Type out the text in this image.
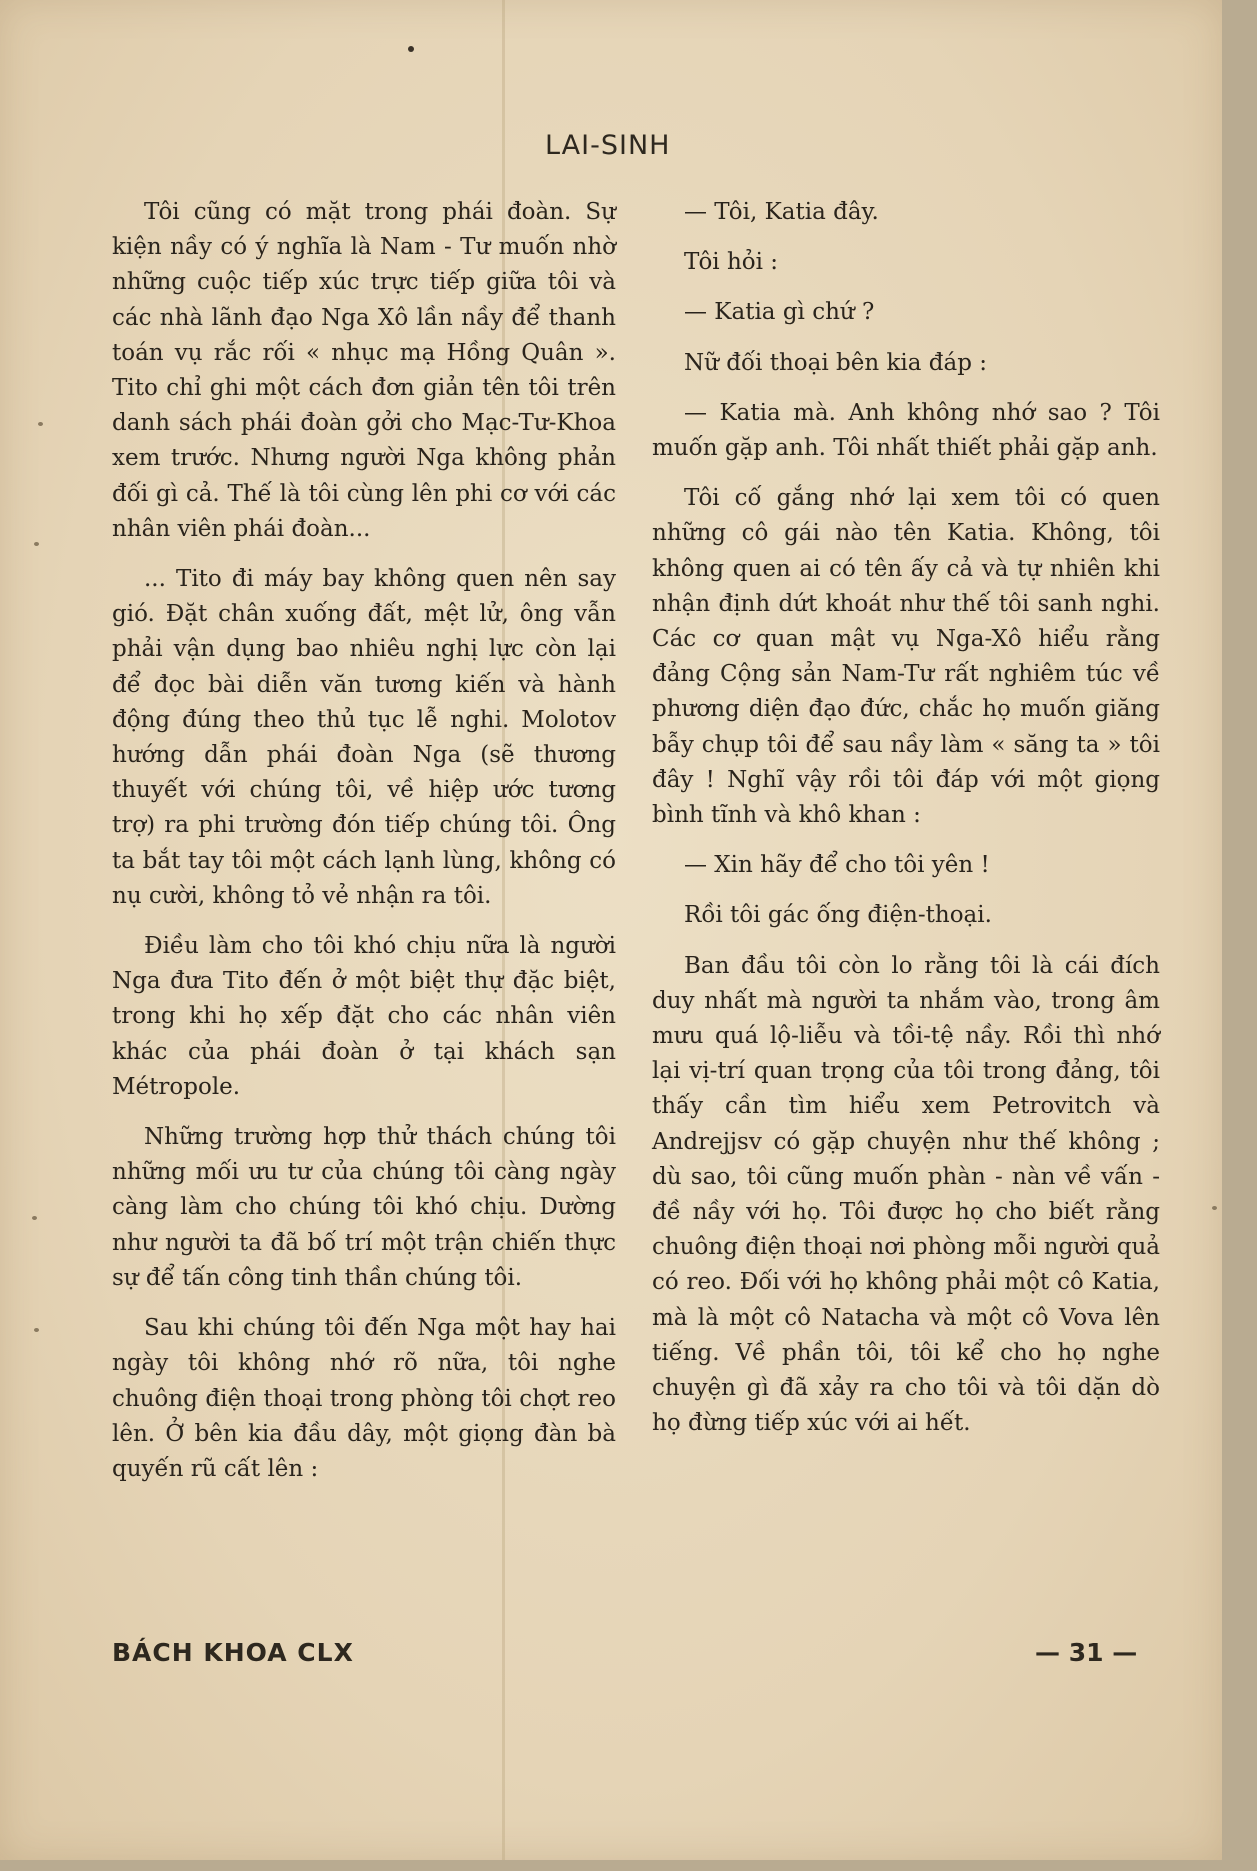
LAI-SINH

Tôi cũng có mặt trong phái đoàn. Sự kiện nầy có ý nghĩa là Nam - Tư muốn nhờ những cuộc tiếp xúc trực tiếp giữa tôi và các nhà lãnh đạo Nga Xô lần nầy để thanh toán vụ rắc rối « nhục mạ Hồng Quân ». Tito chỉ ghi một cách đơn giản tên tôi trên danh sách phái đoàn gởi cho Mạc-Tư-Khoa xem trước. Nhưng người Nga không phản đối gì cả. Thế là tôi cùng lên phi cơ với các nhân viên phái đoàn...

... Tito đi máy bay không quen nên say gió. Đặt chân xuống đất, mệt lử, ông vẫn phải vận dụng bao nhiêu nghị lực còn lại để đọc bài diễn văn tương kiến và hành động đúng theo thủ tục lễ nghi. Molotov hướng dẫn phái đoàn Nga (sẽ thương thuyết với chúng tôi, về hiệp ước tương trợ) ra phi trường đón tiếp chúng tôi. Ông ta bắt tay tôi một cách lạnh lùng, không có nụ cười, không tỏ vẻ nhận ra tôi.

Điều làm cho tôi khó chịu nữa là người Nga đưa Tito đến ở một biệt thự đặc biệt, trong khi họ xếp đặt cho các nhân viên khác của phái đoàn ở tại khách sạn Métropole.

Những trường hợp thử thách chúng tôi những mối ưu tư của chúng tôi càng ngày càng làm cho chúng tôi khó chịu. Dường như người ta đã bố trí một trận chiến thực sự để tấn công tinh thần chúng tôi.

Sau khi chúng tôi đến Nga một hay hai ngày tôi không nhớ rõ nữa, tôi nghe chuông điện thoại trong phòng tôi chợt reo lên. Ở bên kia đầu dây, một giọng đàn bà quyến rũ cất lên :

— Tôi, Katia đây.

Tôi hỏi :

— Katia gì chứ ?

Nữ đối thoại bên kia đáp :

— Katia mà. Anh không nhớ sao ? Tôi muốn gặp anh. Tôi nhất thiết phải gặp anh.

Tôi cố gắng nhớ lại xem tôi có quen những cô gái nào tên Katia. Không, tôi không quen ai có tên ấy cả và tự nhiên khi nhận định dứt khoát như thế tôi sanh nghi. Các cơ quan mật vụ Nga-Xô hiểu rằng đảng Cộng sản Nam-Tư rất nghiêm túc về phương diện đạo đức, chắc họ muốn giăng bẫy chụp tôi để sau nầy làm « săng ta » tôi đây ! Nghĩ vậy rồi tôi đáp với một giọng bình tĩnh và khô khan :

— Xin hãy để cho tôi yên !

Rồi tôi gác ống điện-thoại.

Ban đầu tôi còn lo rằng tôi là cái đích duy nhất mà người ta nhắm vào, trong âm mưu quá lộ-liễu và tồi-tệ nầy. Rồi thì nhớ lại vị-trí quan trọng của tôi trong đảng, tôi thấy cần tìm hiểu xem Petrovitch và Andrejjsv có gặp chuyện như thế không ; dù sao, tôi cũng muốn phàn - nàn về vấn - đề nầy với họ. Tôi được họ cho biết rằng chuông điện thoại nơi phòng mỗi người quả có reo. Đối với họ không phải một cô Katia, mà là một cô Natacha và một cô Vova lên tiếng. Về phần tôi, tôi kể cho họ nghe chuyện gì đã xảy ra cho tôi và tôi dặn dò họ đừng tiếp xúc với ai hết.

BÁCH KHOA CLX	— 31 —
